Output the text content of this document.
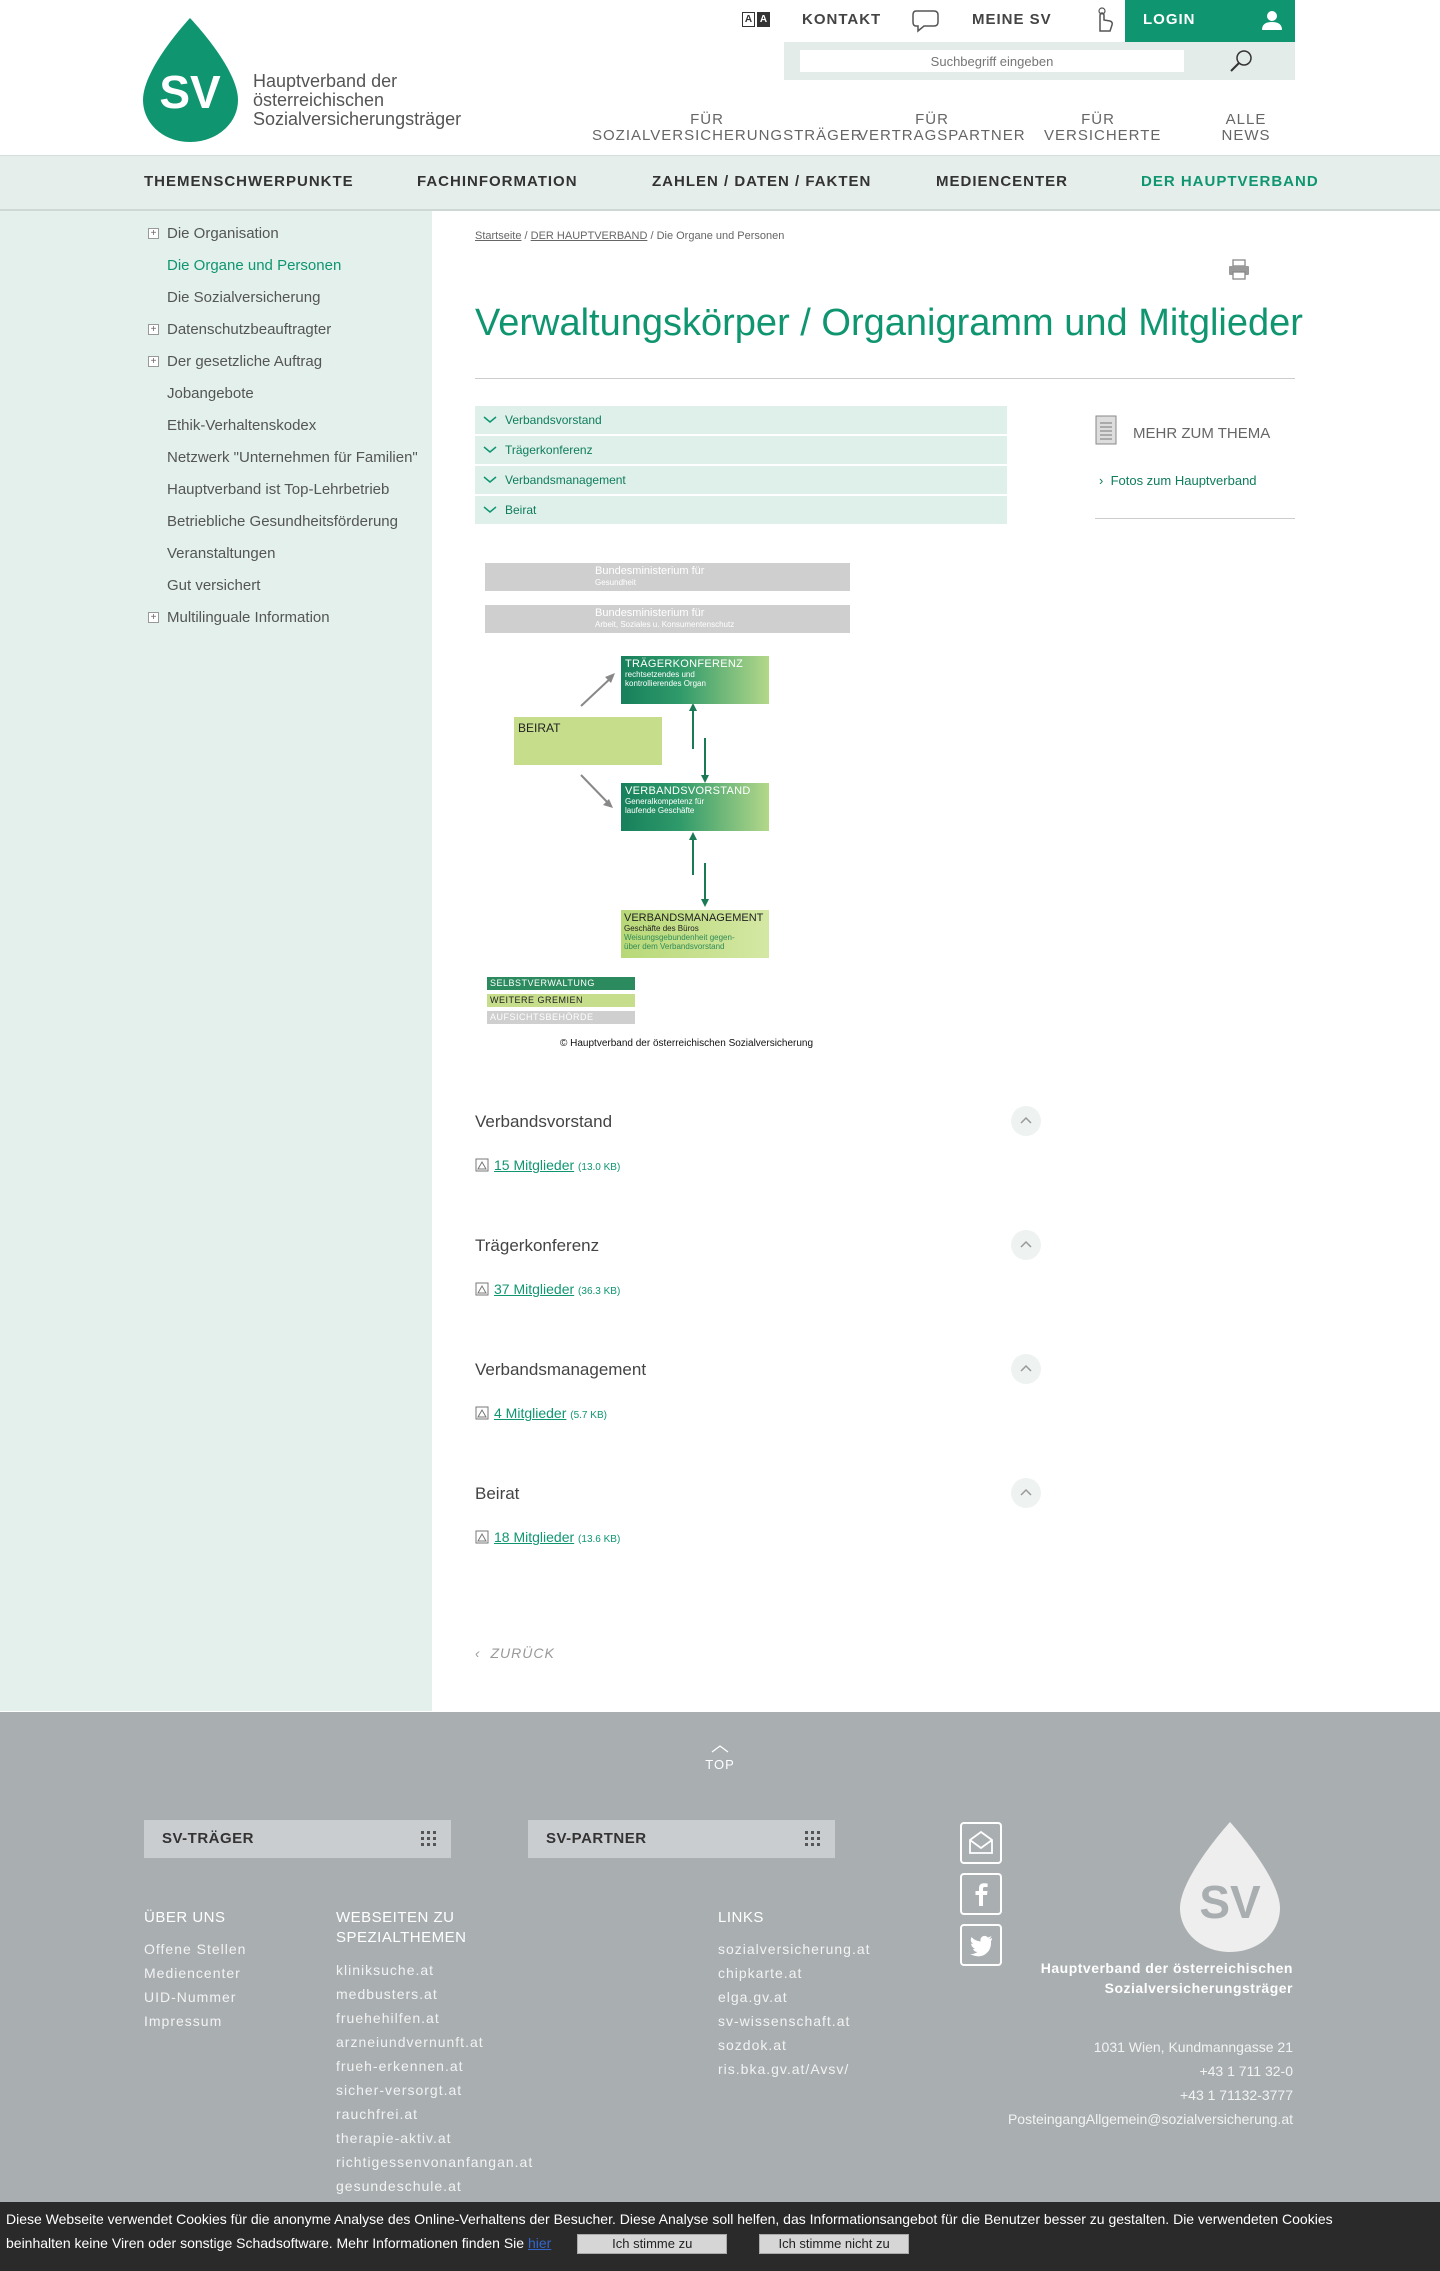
SV Hauptverband der
österreichischen
Sozialversicherungsträger
A A KONTAKT	MEINE SV	LOGIN
Suchbegriff eingeben
FÜR
SOZIALVERSICHERUNGSTRÄGER
FÜR
VERTRAGSPARTNER
FÜR
VERSICHERTE
ALLE
NEWS
THEMENSCHWERPUNKTE	FACHINFORMATION	ZAHLEN / DATEN / FAKTEN	MEDIENCENTER	DER HAUPTVERBAND
+ Die Organisation
Die Organe und Personen
Die Sozialversicherung
+ Datenschutzbeauftragter
+ Der gesetzliche Auftrag
Jobangebote
Ethik-Verhaltenskodex
Netzwerk "Unternehmen für Familien"
Hauptverband ist Top-Lehrbetrieb
Betriebliche Gesundheitsförderung
Veranstaltungen
Gut versichert
+ Multilinguale Information
Startseite / DER HAUPTVERBAND / Die Organe und Personen
Verwaltungskörper / Organigramm und Mitglieder
Verbandsvorstand
Trägerkonferenz
Verbandsmanagement
Beirat
MEHR ZUM THEMA
›  Fotos zum Hauptverband
Bundesministerium für
Gesundheit
Bundesministerium für
Arbeit, Soziales u. Konsumentenschutz
TRÄGERKONFERENZ
rechtsetzendes und
kontrollierendes Organ
BEIRAT
VERBANDSVORSTAND
Generalkompetenz für
laufende Geschäfte
VERBANDSMANAGEMENT
Geschäfte des Büros
Weisungsgebundenheit gegen-
über dem Verbandsvorstand
SELBSTVERWALTUNG
WEITERE GREMIEN
AUFSICHTSBEHÖRDE
© Hauptverband der österreichischen Sozialversicherung
Verbandsvorstand
15 Mitglieder (13.0 KB)
Trägerkonferenz
37 Mitglieder (36.3 KB)
Verbandsmanagement
4 Mitglieder (5.7 KB)
Beirat
18 Mitglieder (13.6 KB)
‹  ZURÜCK
TOP
SV-TRÄGER	SV-PARTNER
ÜBER UNS
Offene Stellen
Mediencenter
UID-Nummer
Impressum
WEBSEITEN ZU
SPEZIALTHEMEN
kliniksuche.at
medbusters.at
fruehehilfen.at
arzneiundvernunft.at
frueh-erkennen.at
sicher-versorgt.at
rauchfrei.at
therapie-aktiv.at
richtigessenvonanfangan.at
gesundeschule.at
LINKS
sozialversicherung.at
chipkarte.at
elga.gv.at
sv-wissenschaft.at
sozdok.at
ris.bka.gv.at/Avsv/
SV
Hauptverband der österreichischen
Sozialversicherungsträger
1031 Wien, Kundmanngasse 21
+43 1 711 32-0
+43 1 71132-3777
PosteingangAllgemein@sozialversicherung.at
Diese Webseite verwendet Cookies für die anonyme Analyse des Online-Verhaltens der Besucher. Diese Analyse soll helfen, das Informationsangebot für die Benutzer besser zu gestalten. Die verwendeten Cookies
beinhalten keine Viren oder sonstige Schadsoftware. Mehr Informationen finden Sie hier	Ich stimme zu	Ich stimme nicht zu
